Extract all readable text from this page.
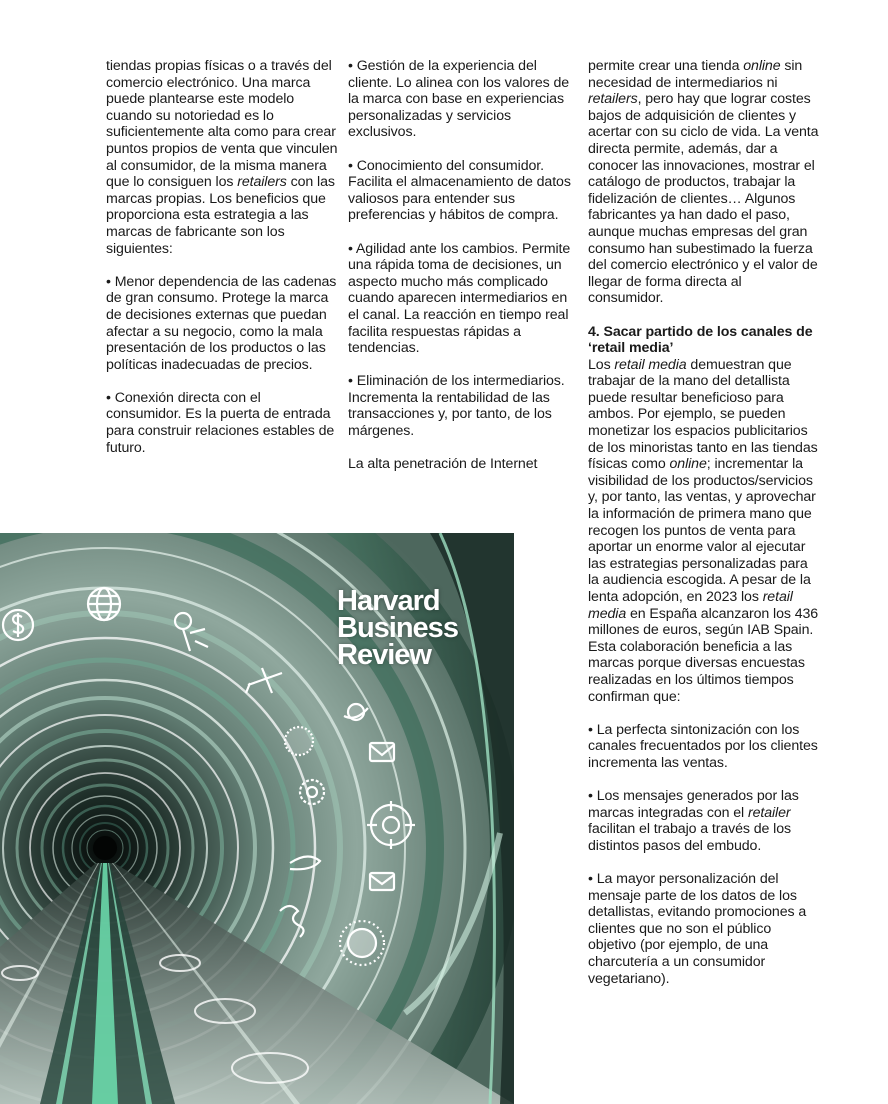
tiendas propias físicas o a través del comercio electrónico. Una marca puede plantearse este modelo cuando su notoriedad es lo suficientemente alta como para crear puntos propios de venta que vinculen al consumidor, de la misma manera que lo consiguen los retailers con las marcas propias. Los beneficios que proporciona esta estrategia a las marcas de fabricante son los siguientes:

• Menor dependencia de las cadenas de gran consumo. Protege la marca de decisiones externas que puedan afectar a su negocio, como la mala presentación de los productos o las políticas inadecuadas de precios.

• Conexión directa con el consumidor. Es la puerta de entrada para construir relaciones estables de futuro.

• Gestión de la experiencia del cliente. Lo alinea con los valores de la marca con base en experiencias personalizadas y servicios exclusivos.

• Conocimiento del consumidor. Facilita el almacenamiento de datos valiosos para entender sus preferencias y hábitos de compra.

• Agilidad ante los cambios. Permite una rápida toma de decisiones, un aspecto mucho más complicado cuando aparecen intermediarios en el canal. La reacción en tiempo real facilita respuestas rápidas a tendencias.

• Eliminación de los intermediarios. Incrementa la rentabilidad de las transacciones y, por tanto, de los márgenes.

La alta penetración de Internet

permite crear una tienda online sin necesidad de intermediarios ni retailers, pero hay que lograr costes bajos de adquisición de clientes y acertar con su ciclo de vida. La venta directa permite, además, dar a conocer las innovaciones, mostrar el catálogo de productos, trabajar la fidelización de clientes… Algunos fabricantes ya han dado el paso, aunque muchas empresas del gran consumo han subestimado la fuerza del comercio electrónico y el valor de llegar de forma directa al consumidor.

4. Sacar partido de los canales de ‘retail media’

Los retail media demuestran que trabajar de la mano del detallista puede resultar beneficioso para ambos. Por ejemplo, se pueden monetizar los espacios publicitarios de los minoristas tanto en las tiendas físicas como online; incrementar la visibilidad de los productos/servicios y, por tanto, las ventas, y aprovechar la información de primera mano que recogen los puntos de venta para aportar un enorme valor al ejecutar las estrategias personalizadas para la audiencia escogida. A pesar de la lenta adopción, en 2023 los retail media en España alcanzaron los 436 millones de euros, según IAB Spain. Esta colaboración beneficia a las marcas porque diversas encuestas realizadas en los últimos tiempos confirman que:

• La perfecta sintonización con los canales frecuentados por los clientes incrementa las ventas.

• Los mensajes generados por las marcas integradas con el retailer facilitan el trabajo a través de los distintos pasos del embudo.

• La mayor personalización del mensaje parte de los datos de los detallistas, evitando promociones a clientes que no son el público objetivo (por ejemplo, de una charcutería a un consumidor vegetariano).

Harvard
Business
Review
